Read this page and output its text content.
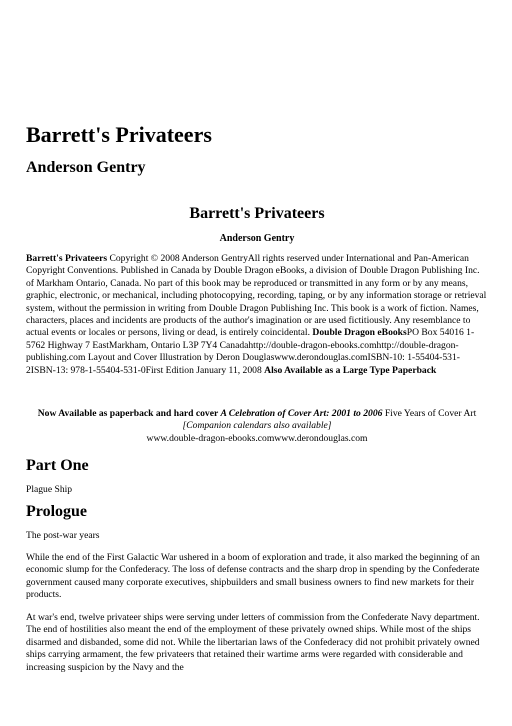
Barrett's Privateers
Anderson Gentry
Barrett's Privateers
Anderson Gentry
Barrett's Privateers Copyright © 2008 Anderson GentryAll rights reserved under International and Pan-American Copyright Conventions. Published in Canada by Double Dragon eBooks, a division of Double Dragon Publishing Inc. of Markham Ontario, Canada. No part of this book may be reproduced or transmitted in any form or by any means, graphic, electronic, or mechanical, including photocopying, recording, taping, or by any information storage or retrieval system, without the permission in writing from Double Dragon Publishing Inc. This book is a work of fiction. Names, characters, places and incidents are products of the author's imagination or are used fictitiously. Any resemblance to actual events or locales or persons, living or dead, is entirely coincidental. Double Dragon eBooksPO Box 54016 1-5762 Highway 7 EastMarkham, Ontario L3P 7Y4 Canadahttp://double-dragon-ebooks.comhttp://double-dragon-publishing.com Layout and Cover Illustration by Deron Douglaswww.derondouglas.comISBN-10: 1-55404-531-2ISBN-13: 978-1-55404-531-0First Edition January 11, 2008 Also Available as a Large Type Paperback
Now Available as paperback and hard cover A Celebration of Cover Art: 2001 to 2006 Five Years of Cover Art [Companion calendars also available]
www.double-dragon-ebooks.comwww.derondouglas.com
Part One
Plague Ship
Prologue
The post-war years

While the end of the First Galactic War ushered in a boom of exploration and trade, it also marked the beginning of an economic slump for the Confederacy. The loss of defense contracts and the sharp drop in spending by the Confederate government caused many corporate executives, shipbuilders and small business owners to find new markets for their products.

At war's end, twelve privateer ships were serving under letters of commission from the Confederate Navy department. The end of hostilities also meant the end of the employment of these privately owned ships. While most of the ships disarmed and disbanded, some did not. While the libertarian laws of the Confederacy did not prohibit privately owned ships carrying armament, the few privateers that retained their wartime arms were regarded with considerable and increasing suspicion by the Navy and the
